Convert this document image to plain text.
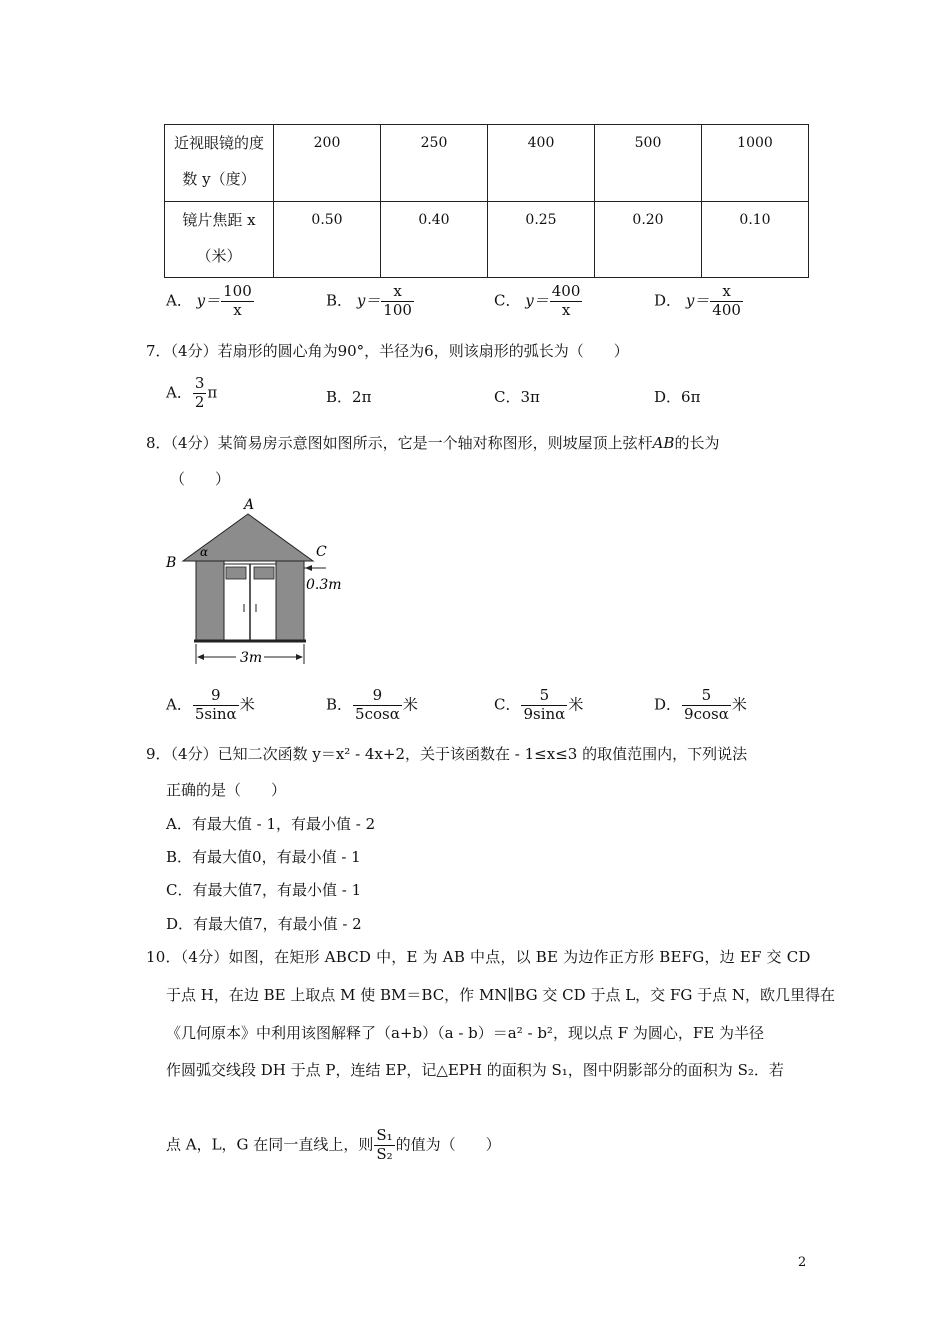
近视眼镜的度
数 y（度）	200	250	400	500	1000

镜片焦距 x
（米）	0.50	0.40	0.25	0.20	0.10
A． $y= \frac{100}{x}$	B． $y= \frac{x}{100}$	C． $y= \frac{400}{x}$	D． $y= \frac{x}{400}$
7．（4分）若扇形的圆心角为90°，半径为6，则该扇形的弧长为（　　）
A． $\frac{3}{2}$ π	B．2π	C．3π	D．6π
8．（4分）某简易房示意图如图所示，它是一个轴对称图形，则坡屋顶上弦杆AB的长为
（　　）
3m
0.3m
A
B
C
α
A． $\frac{9}{5\sin\alpha}$ 米	B． $\frac{9}{5\cos\alpha}$ 米	C． $\frac{5}{9\sin\alpha}$ 米	D． $\frac{5}{9\cos\alpha}$ 米
9．（4分）已知二次函数 y＝x² - 4x+2，关于该函数在 - 1≤x≤3 的取值范围内，下列说法
正确的是（　　）
A．有最大值 - 1，有最小值 - 2
B．有最大值0，有最小值 - 1
C．有最大值7，有最小值 - 1
D．有最大值7，有最小值 - 2
10．（4分）如图，在矩形 ABCD 中，E 为 AB 中点，以 BE 为边作正方形 BEFG，边 EF 交 CD
于点 H，在边 BE 上取点 M 使 BM＝BC，作 MN∥BG 交 CD 于点 L，交 FG 于点 N，欧几里得在
《几何原本》中利用该图解释了（a+b）（a - b）＝a² - b²，现以点 F 为圆心，FE 为半径
作圆弧交线段 DH 于点 P，连结 EP，记△EPH 的面积为 S₁，图中阴影部分的面积为 S₂．若
点 A，L，G 在同一直线上，则 $\frac{\text{S₁}}{\text{S₂}}$ 的值为（　　）
2
